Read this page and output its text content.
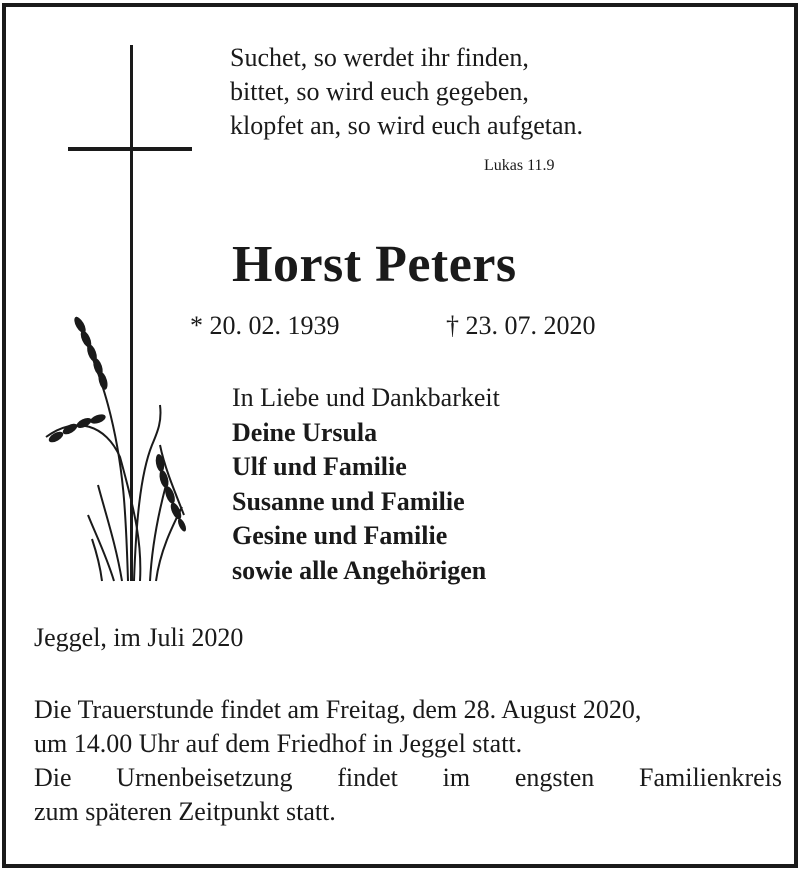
Suchet, so werdet ihr finden,
bittet, so wird euch gegeben,
klopfet an, so wird euch aufgetan.
Lukas 11.9
Horst Peters
* 20. 02. 1939	† 23. 07. 2020
In Liebe und Dankbarkeit
Deine Ursula
Ulf und Familie
Susanne und Familie
Gesine und Familie
sowie alle Angehörigen
Jeggel, im Juli 2020
Die Trauerstunde findet am Freitag, dem 28. August 2020,
um 14.00 Uhr auf dem Friedhof in Jeggel statt.
Die Urnenbeisetzung findet im engsten Familienkreis
zum späteren Zeitpunkt statt.
